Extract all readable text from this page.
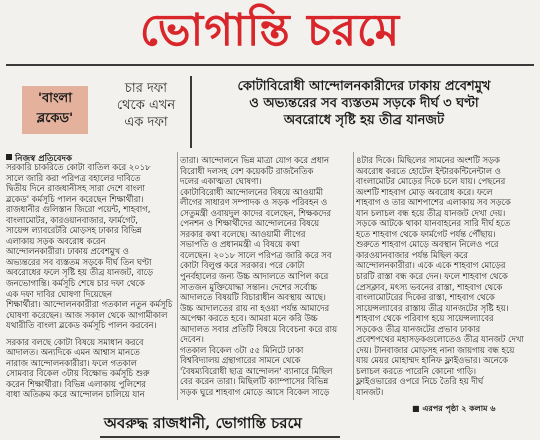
ভোগান্তি চরমে
'বাংলা
ব্লকেড'
চার দফা
থেকে এখন
এক দফা
কোটাবিরোধী আন্দোলনকারীদের ঢাকায় প্রবেশমুখ
ও অভ্যন্তরের সব ব্যস্ততম সড়কে দীর্ঘ ৩ ঘণ্টা
অবরোধে সৃষ্টি হয় তীব্র যানজট
নিজস্ব প্রতিবেদক
সরকারি চাকরিতে কোটা বাতিল করে ২০১৮
সালে জারি করা পরিপত্র বহালের দাবিতে
দ্বিতীয় দিনে রাজধানীসহ সারা দেশে বাংলা
ব্লকেড' কর্মসূচি পালন করেছেন শিক্ষার্থীরা।
রাজধানীর গুলিস্তান জিরো পয়েন্ট, শাহবাগ,
বাংলামোটর, কারওয়ানবাজার, ফার্মগেট,
সায়েন্স ল্যাবরেটরি মোড়সহ ঢাকার বিভিন্ন
এলাকায় সড়ক অবরোধ করেন
আন্দোলনকারীরা। ঢাকায় প্রবেশমুখ ও
অভ্যন্তরের সব ব্যস্ততম সড়কে দীর্ঘ তিন ঘণ্টা
অবরোধের ফলে সৃষ্টি হয় তীব্র যানজট, বাড়ে
জনভোগান্তি। কর্মসূচি শেষে চার দফা থেকে
এক দফা দাবির ঘোষণা দিয়েছেন
শিক্ষার্থীরা। আন্দোলনকারীরা গতকাল নতুন কর্মসূচি
ঘোষণা করেছেন। আজ সকাল থেকে আগামীকাল
যথারীতি বাংলা ব্লকেড কর্মসূচি পালন করবেন।
সরকার বলছে কোটা বিষয়ে সমাধান করবে
আদালত। অন্যদিকে এমন আশ্বাস মানতে
নারাজ আন্দোলনকারীরা। ফলে গতকাল
সোমবার বিকেল ৩টায় বিক্ষোভ কর্মসূচি শুরু
করেন শিক্ষার্থীরা। বিভিন্ন এলাকায় পুলিশের
বাধা অতিক্রম করে আন্দোলন চালিয়ে যান
তারা। আন্দোলনে ভিন্ন মাত্রা যোগ করে প্রধান
বিরোধী দলসহ বেশ কয়েকটি রাজনৈতিক
দলের একাত্মতা ঘোষণা।
কোটাবিরোধী আন্দোলনের বিষয়ে আওয়ামী
লীগের সাধারণ সম্পাদক ও সড়ক পরিবহন ও
সেতুমন্ত্রী ওবায়দুল কাদের বলেছেন, শিক্ষকদের
পেনশন ও শিক্ষার্থীদের আন্দোলনের বিষয়ে
সরকার কথা বলেছে। আওয়ামী লীগের
সভাপতি ও প্রধানমন্ত্রী এ বিষয়ে কথা
বলেছেন। ২০১৮ সালে পরিপত্র জারি করে সব
কোটা বিলুপ্ত করে সরকার। পরে কোটা
পুনর্বহালের জন্য উচ্চ আদালতে আপিল করে
সাতজন মুক্তিযোদ্ধা সন্তান। দেশের সর্বোচ্চ
আদালতে বিষয়টি বিচারাধীন অবস্থায় আছে।
উচ্চ আদালতের রায় না হওয়া পর্যন্ত আমাদের
অপেক্ষা করতে হবে। আমরা মনে করি উচ্চ
আদালত সবার প্রতিটি বিষয়ে বিবেচনা করে রায়
দেবেন।
গতকাল বিকেল ৩টা ৫৫ মিনিটে ঢাকা
বিশ্ববিদ্যালয় গ্রন্থাগারের সামনে থেকে
'বৈষম্যবিরোধী ছাত্র আন্দোলন' ব্যানারে মিছিল
বের করেন তারা। মিছিলটি ক্যাম্পাসের বিভিন্ন
সড়ক ঘুরে শাহবাগ মোড়ে আসে বিকেল সাড়ে
৪টার দিকে। মিছিলের সামনের অংশটি সড়ক
অবরোধ করতে হোটেল ইন্টারকন্টিনেন্টাল ও
বাংলামোটর মোড়ের দিকে চলে যায়। পেছনের
অংশটি শাহবাগ মোড় অবরোধ করে। ফলে
শাহবাগ ও তার আশপাশের এলাকায় সব সড়কে
যান চলাচল বন্ধ হয়ে তীব্র যানজট দেখা দেয়।
সড়কে আটকে থাকা যানবাহনের সারি দীর্ঘ হতে
হতে শাহবাগ থেকে ফার্মগেট পর্যন্ত পৌঁছায়।
শুরুতে শাহবাগ মোড়ে অবস্থান নিলেও পরে
কারওয়ানবাজার পর্যন্ত মিছিল করে
আন্দোলনকারীরা। একে একে শাহবাগ মোড়ের
চারটি রাস্তা বন্ধ করে দেন। ফলে শাহবাগ থেকে
প্রেসক্লাব, মৎস্য ভবনের রাস্তা, শাহবাগ থেকে
বাংলামোটরের দিকের রাস্তা, শাহবাগ থেকে
সায়েন্সল্যাবের রাস্তায় তীব্র যানজটের সৃষ্টি হয়।
শাহবাগ থেকে পরিবাগ হয়ে সায়েন্সল্যাবের
সড়কেও তীব্র যানজটের প্রভাব ঢাকার
প্রবেশপথের মহাসড়কগুলোতেও তীব্র যানজট দেখা
দেয়। টানবাজার মোড়সহ নানা জায়গায় বন্ধ হয়ে
যায় মেয়র মোহাম্মদ হানিফ ফ্লাইওভার। অনেকে
চলাচল করতে পারেনি কোনো গাড়ি।
ফ্লাইওভারের ওপরে নিচে তৈরি হয় দীর্ঘ
যানজট।
■ এরপর পৃষ্ঠা ২ কলাম ৬
অবরুদ্ধ রাজধানী, ভোগান্তি চরমে
